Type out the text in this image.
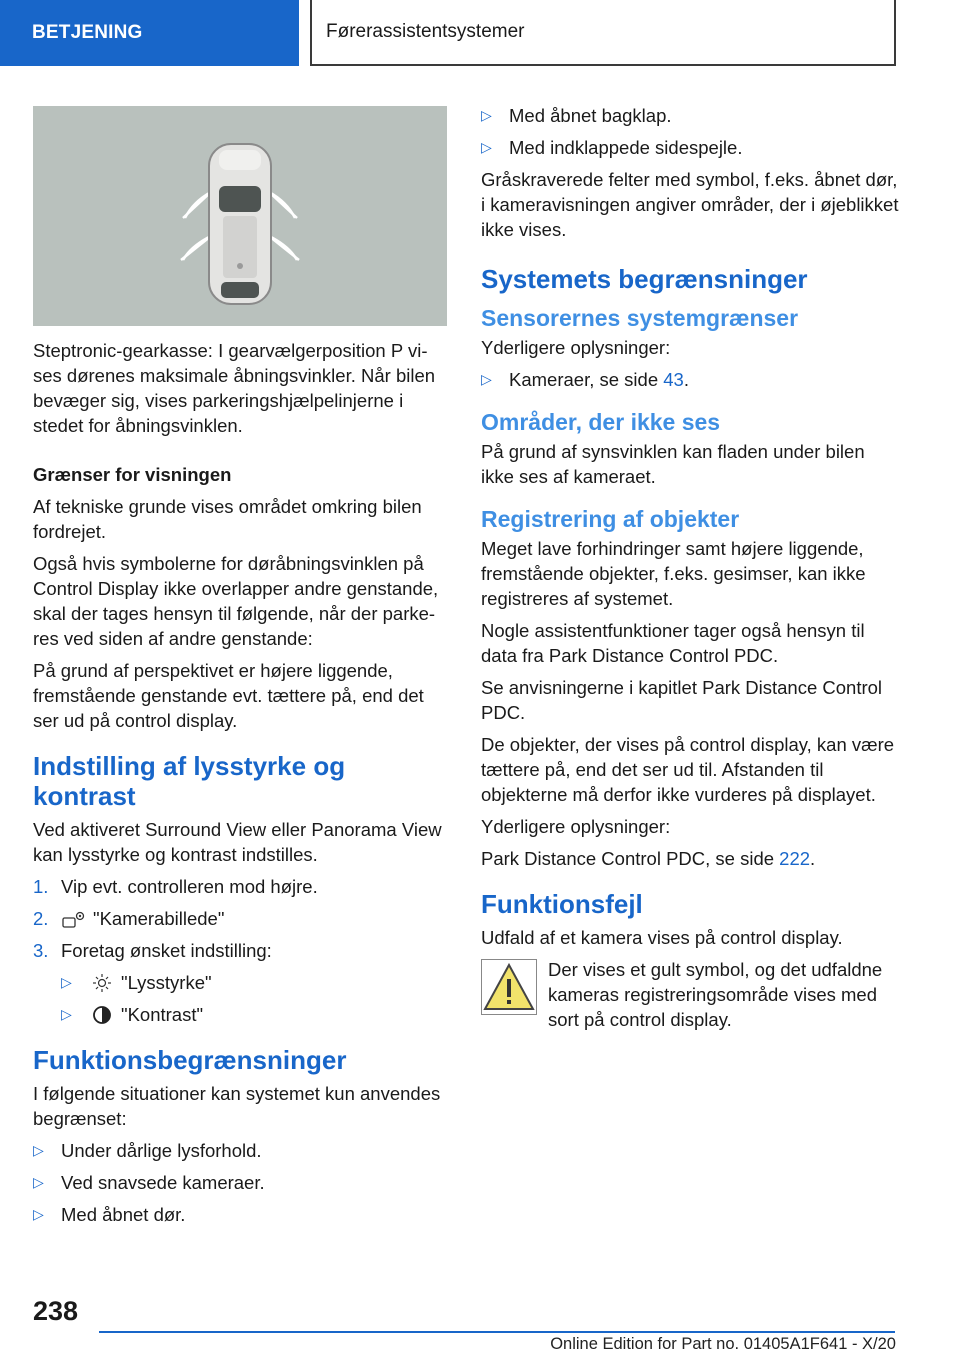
BETJENING	Førerassistentsystemer

Steptronic-gearkasse: I gearvælgerposition P vises dørenes maksimale åbningsvinkler. Når bilen bevæger sig, vises parkeringshjælpelinjerne i stedet for åbningsvinklen.

Grænser for visningen

Af tekniske grunde vises området omkring bilen fordrejet.

Også hvis symbolerne for døråbningsvinklen på Control Display ikke overlapper andre genstande, skal der tages hensyn til følgende, når der parkeres ved siden af andre genstande:

På grund af perspektivet er højere liggende, fremstående genstande evt. tættere på, end det ser ud på control display.

Indstilling af lysstyrke og kontrast

Ved aktiveret Surround View eller Panorama View kan lysstyrke og kontrast indstilles.

1. Vip evt. controlleren mod højre.
2.	"Kamerabillede"
3. Foretag ønsket indstilling:
▷	"Lysstyrke"
▷	"Kontrast"
Funktionsbegrænsninger

I følgende situationer kan systemet kun anvendes begrænset:

▷ Under dårlige lysforhold.
▷ Ved snavsede kameraer.
▷ Med åbnet dør.
▷ Med åbnet bagklap.
▷ Med indklappede sidespejle.

Gråskraverede felter med symbol, f.eks. åbnet dør, i kameravisningen angiver områder, der i øjeblikket ikke vises.

Systemets begrænsninger
Sensorernes systemgrænser

Yderligere oplysninger:

▷ Kameraer, se side 43.
Områder, der ikke ses

På grund af synsvinklen kan fladen under bilen ikke ses af kameraet.

Registrering af objekter

Meget lave forhindringer samt højere liggende, fremstående objekter, f.eks. gesimser, kan ikke registreres af systemet.

Nogle assistentfunktioner tager også hensyn til data fra Park Distance Control PDC.

Se anvisningerne i kapitlet Park Distance Control PDC.

De objekter, der vises på control display, kan være tættere på, end det ser ud til. Afstanden til objekterne må derfor ikke vurderes på displayet.

Yderligere oplysninger:

Park Distance Control PDC, se side 222.

Funktionsfejl

Udfald af et kamera vises på control display.

Der vises et gult symbol, og det udfaldne kameras registreringsområde vises med sort på control display.
238
Online Edition for Part no. 01405A1F641 - X/20
